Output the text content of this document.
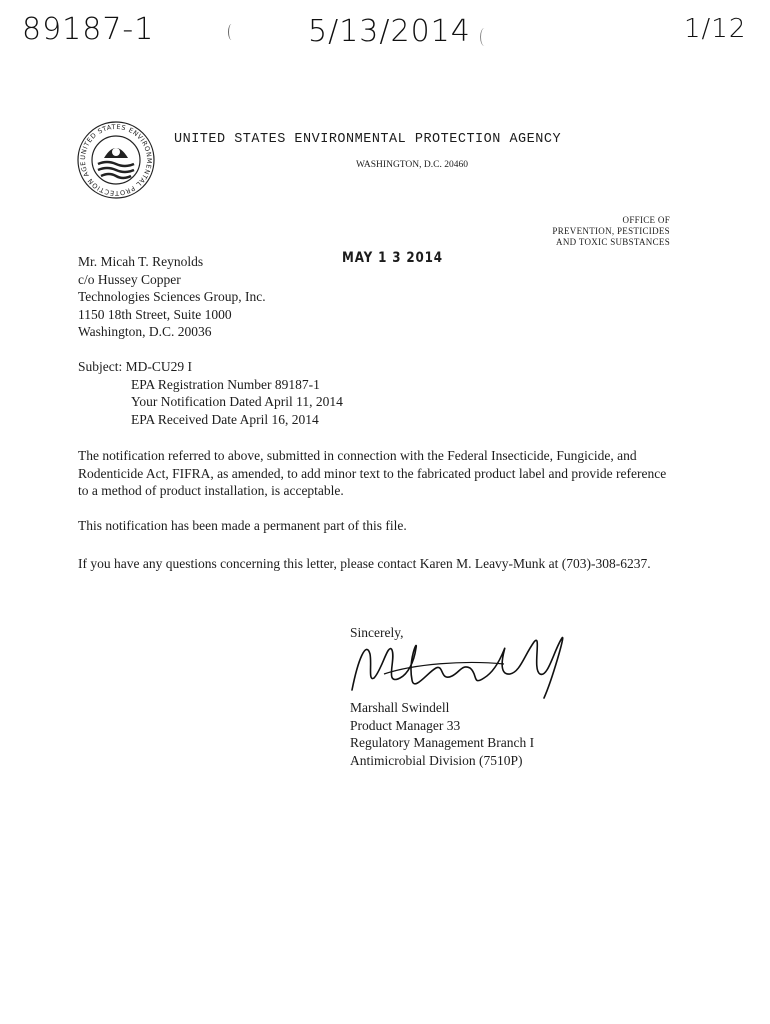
89187-1	5/13/2014	1/12
UNITED STATES ENVIRONMENTAL PROTECTION AGE
UNITED STATES ENVIRONMENTAL PROTECTION AGENCY
WASHINGTON, D.C. 20460
OFFICE OF
PREVENTION, PESTICIDES
AND TOXIC SUBSTANCES
MAY 1 3 2014
Mr. Micah T. Reynolds
c/o Hussey Copper
Technologies Sciences Group, Inc.
1150 18th Street, Suite 1000
Washington, D.C. 20036
Subject: MD-CU29 I
EPA Registration Number 89187-1
Your Notification Dated April 11, 2014
EPA Received Date April 16, 2014
The notification referred to above, submitted in connection with the Federal Insecticide, Fungicide, and Rodenticide Act, FIFRA, as amended, to add minor text to the fabricated product label and provide reference to a method of product installation, is acceptable.
This notification has been made a permanent part of this file.
If you have any questions concerning this letter, please contact Karen M. Leavy-Munk at (703)-308-6237.
Sincerely,
Marshall Swindell
Product Manager 33
Regulatory Management Branch I
Antimicrobial Division (7510P)
